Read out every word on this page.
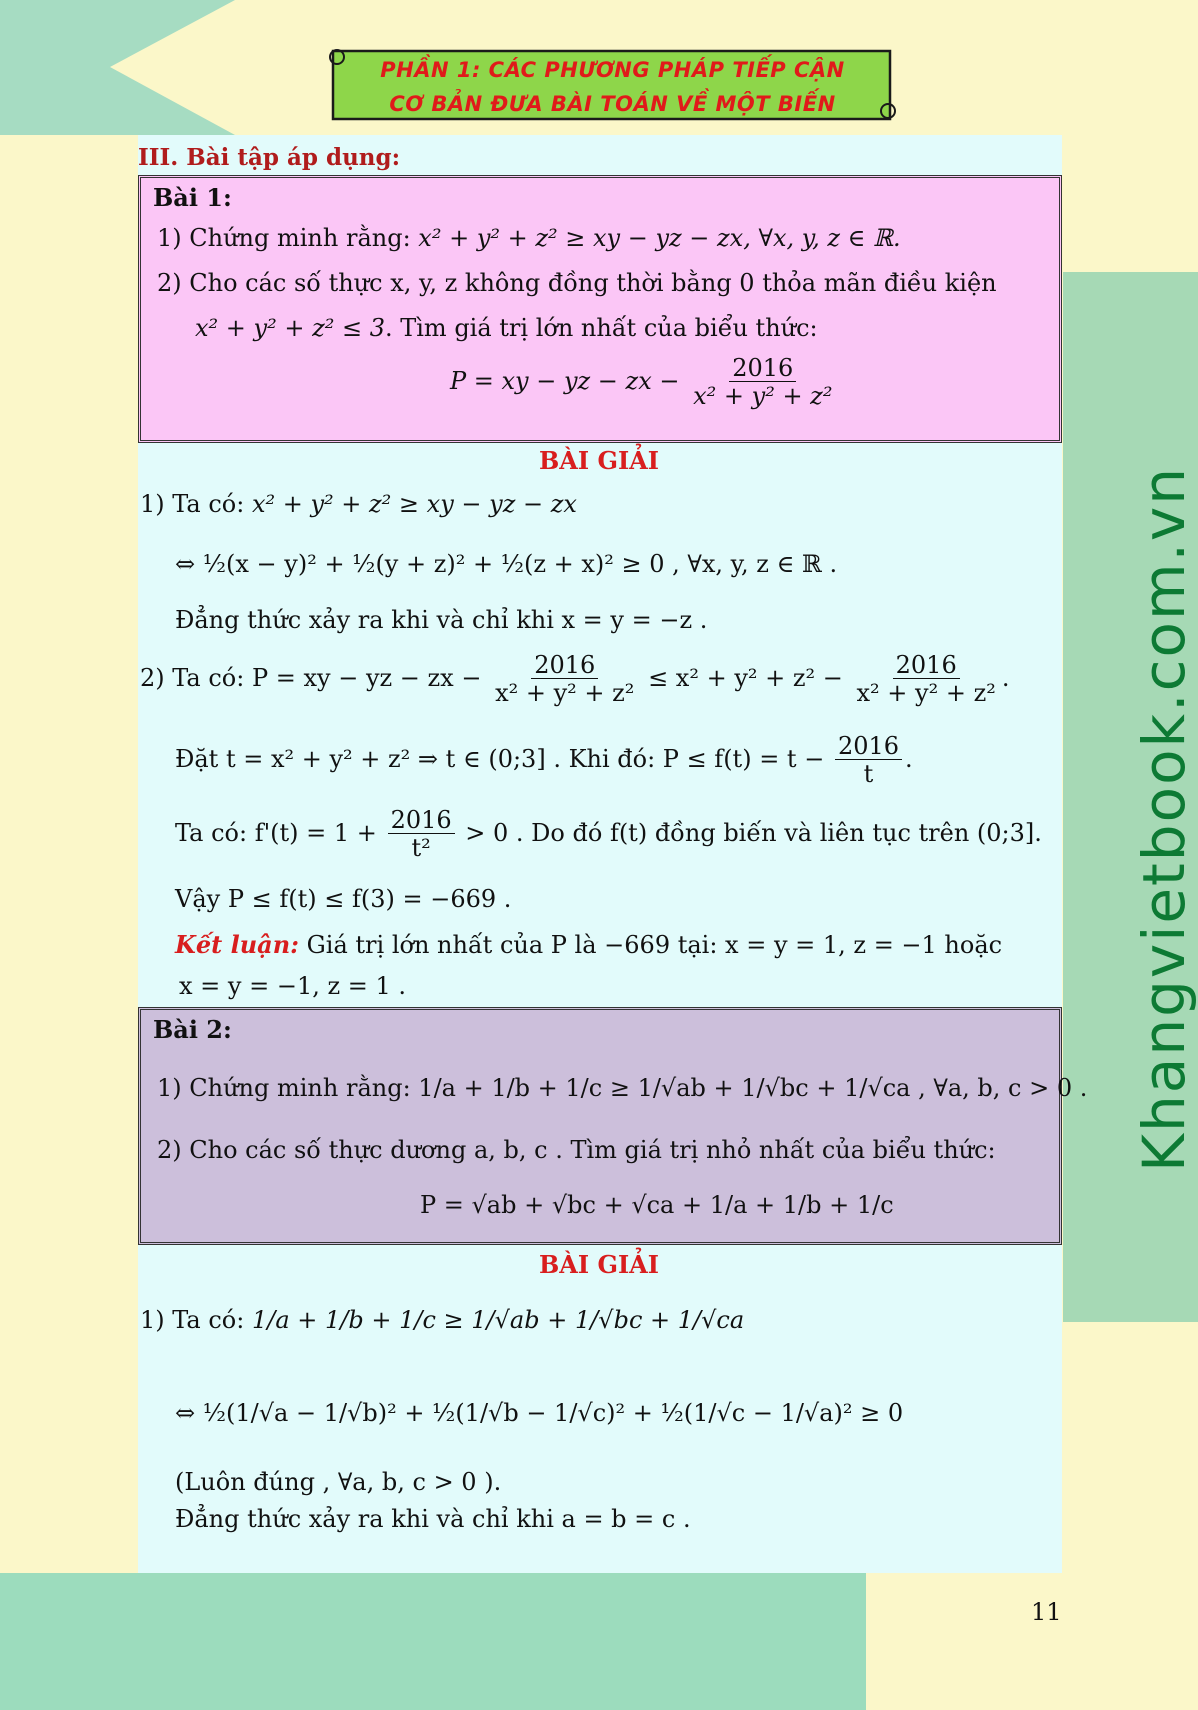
PHẦN 1: CÁC PHƯƠNG PHÁP TIẾP CẬN
CƠ BẢN ĐƯA BÀI TOÁN VỀ MỘT BIẾN
Khangvietbook.com.vn
III. Bài tập áp dụng:
Bài 1:
1) Chứng minh rằng: x² + y² + z² ≥ xy − yz − zx, ∀x, y, z ∈ ℝ.
2) Cho các số thực x, y, z không đồng thời bằng 0 thỏa mãn điều kiện
x² + y² + z² ≤ 3. Tìm giá trị lớn nhất của biểu thức:
P = xy − yz − zx − $\frac{2016}{\text{x² + y² + z²}}$
BÀI GIẢI
1) Ta có: x² + y² + z² ≥ xy − yz − zx
⇔ ½(x − y)² + ½(y + z)² + ½(z + x)² ≥ 0 , ∀x, y, z ∈ ℝ .
Đẳng thức xảy ra khi và chỉ khi x = y = −z .
2) Ta có: P = xy − yz − zx − $\frac{2016}{\text{x² + y² + z²}} \le x^2 + y^2 + z^2 - \frac{2016}{\text{x² + y² + z²}}$ .
Đặt t = x² + y² + z² ⇒ t ∈ (0;3] . Khi đó: $P \le f(t) = t - \frac{2016}{t}$ .
Ta có: $f'(t) = 1 + \frac{2016}{\text{t²}} > 0$ . Do đó f(t) đồng biến và liên tục trên (0;3].
Vậy P ≤ f(t) ≤ f(3) = −669 .
Kết luận: Giá trị lớn nhất của P là −669 tại: x = y = 1, z = −1 hoặc
x = y = −1, z = 1 .
Bài 2:
1) Chứng minh rằng: 1/a + 1/b + 1/c ≥ 1/√ab + 1/√bc + 1/√ca , ∀a, b, c > 0 .
2) Cho các số thực dương a, b, c . Tìm giá trị nhỏ nhất của biểu thức:
P = √ab + √bc + √ca + 1/a + 1/b + 1/c
BÀI GIẢI
1) Ta có: 1/a + 1/b + 1/c ≥ 1/√ab + 1/√bc + 1/√ca
⇔ ½(1/√a − 1/√b)² + ½(1/√b − 1/√c)² + ½(1/√c − 1/√a)² ≥ 0
(Luôn đúng , ∀a, b, c > 0 ).
Đẳng thức xảy ra khi và chỉ khi a = b = c .
11
